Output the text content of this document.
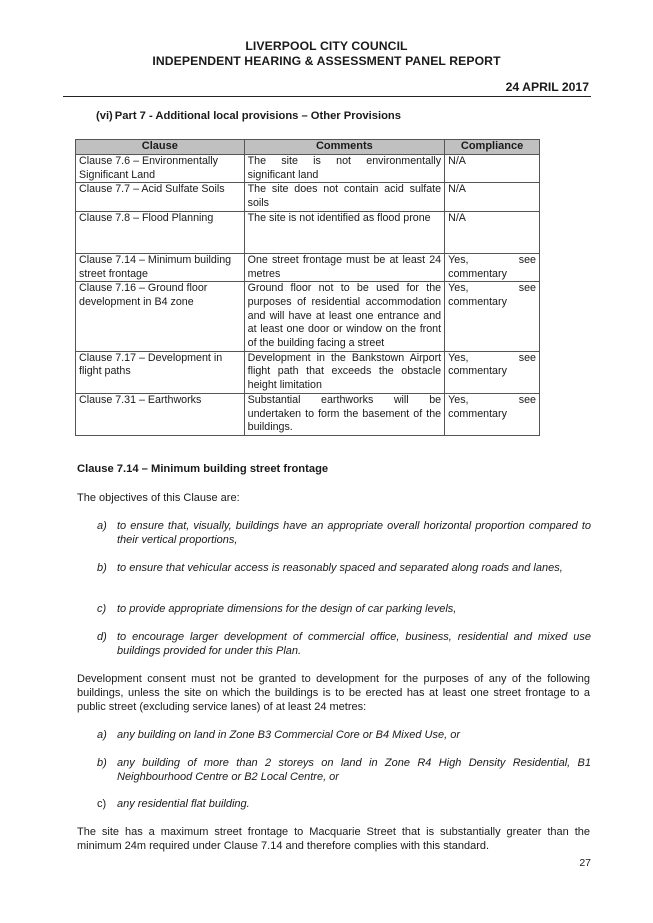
LIVERPOOL CITY COUNCIL
INDEPENDENT HEARING & ASSESSMENT PANEL REPORT
24 APRIL 2017
(vi) Part 7 - Additional local provisions – Other Provisions
Clause	Comments	Compliance
Clause 7.6 – Environmentally Significant Land	The site is not environmentally significant land	N/A
Clause 7.7 – Acid Sulfate Soils	The site does not contain acid sulfate soils	N/A
Clause 7.8 – Flood Planning	The site is not identified as flood prone	N/A
Clause 7.14 – Minimum building street frontage	One street frontage must be at least 24 metres	Yes, see
commentary

Clause 7.16 – Ground floor development in B4 zone	Ground floor not to be used for the purposes of residential accommodation and will have at least one entrance and at least one door or window on the front of the building facing a street	Yes, see
commentary

Clause 7.17 – Development in flight paths	Development in the Bankstown Airport flight path that exceeds the obstacle height limitation	Yes, see
commentary

Clause 7.31 – Earthworks	Substantial earthworks will be undertaken to form the basement of the buildings.	Yes, see
commentary
Clause 7.14 – Minimum building street frontage
The objectives of this Clause are:
a) to ensure that, visually, buildings have an appropriate overall horizontal proportion compared to their vertical proportions,
b) to ensure that vehicular access is reasonably spaced and separated along roads and lanes,
c) to provide appropriate dimensions for the design of car parking levels,
d) to encourage larger development of commercial office, business, residential and mixed use buildings provided for under this Plan.
Development consent must not be granted to development for the purposes of any of the following buildings, unless the site on which the buildings is to be erected has at least one street frontage to a public street (excluding service lanes) of at least 24 metres:
a) any building on land in Zone B3 Commercial Core or B4 Mixed Use, or
b) any building of more than 2 storeys on land in Zone R4 High Density Residential, B1 Neighbourhood Centre or B2 Local Centre, or
c) any residential flat building.
The site has a maximum street frontage to Macquarie Street that is substantially greater than the minimum 24m required under Clause 7.14 and therefore complies with this standard.
27
